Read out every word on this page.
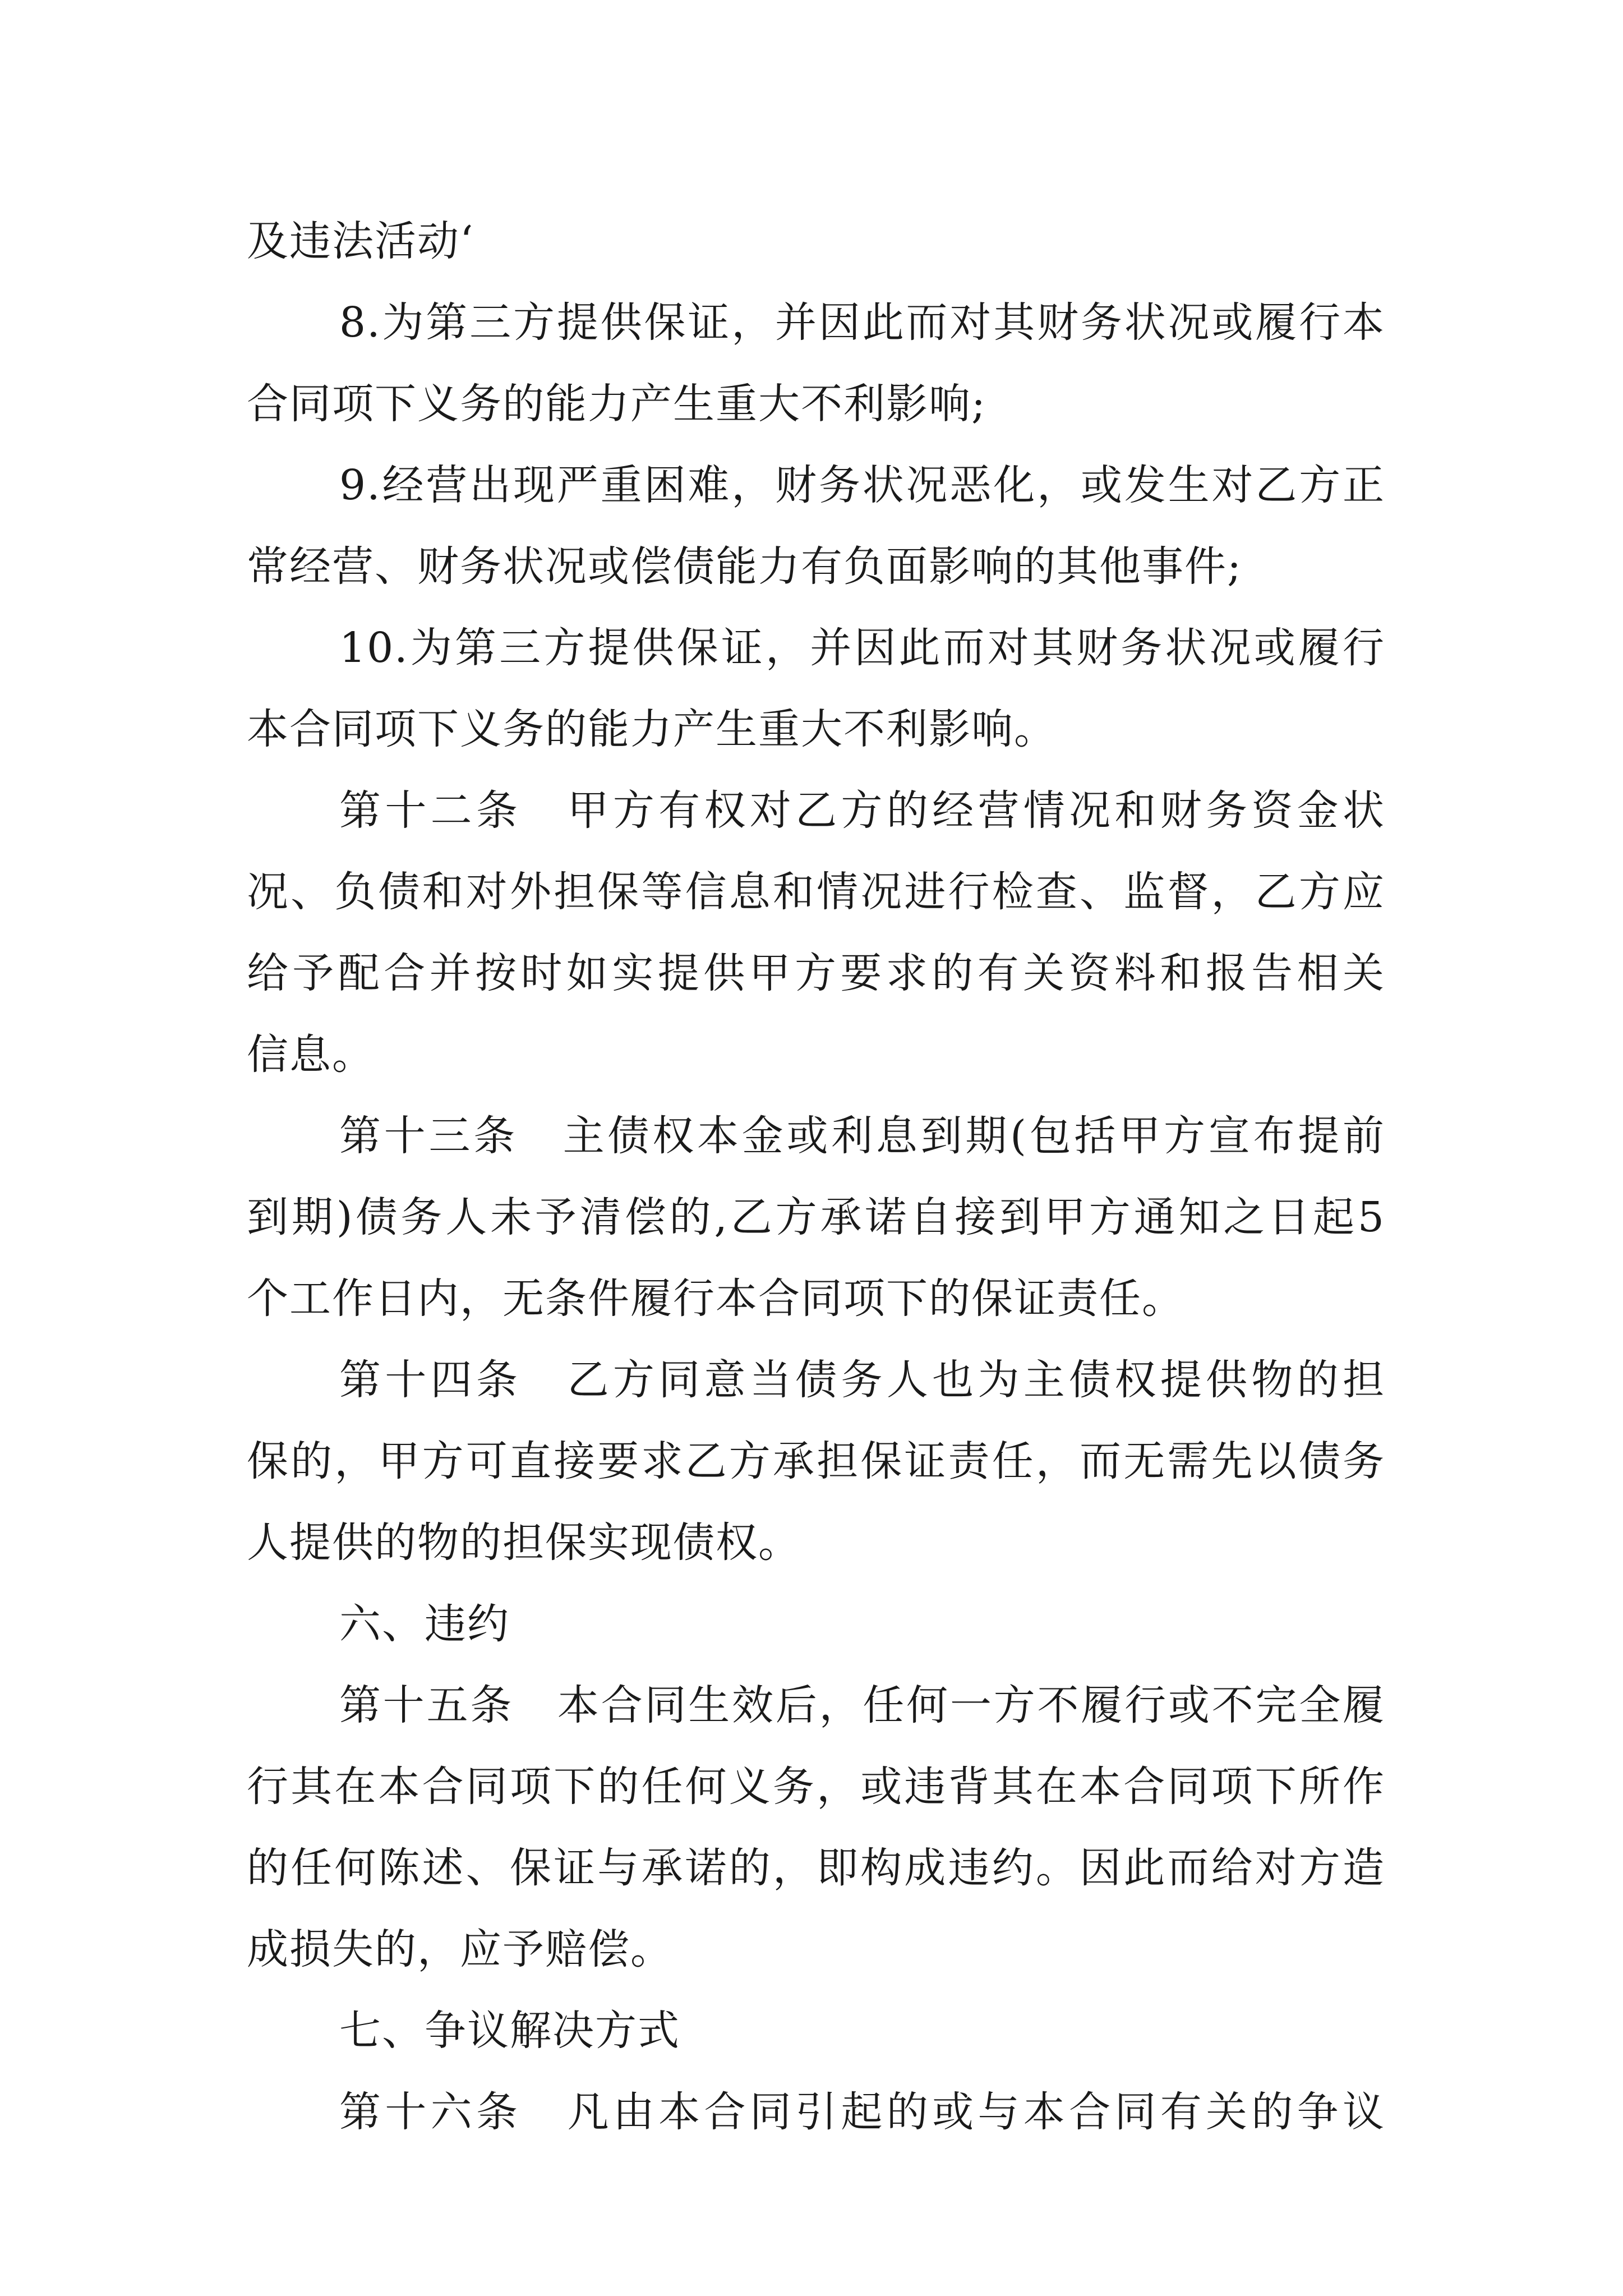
及违法活动‘
8.为第三方提供保证，并因此而对其财务状况或履行本
合同项下义务的能力产生重大不利影响;
9.经营出现严重困难，财务状况恶化，或发生对乙方正
常经营、财务状况或偿债能力有负面影响的其他事件;
10.为第三方提供保证，并因此而对其财务状况或履行
本合同项下义务的能力产生重大不利影响。
第十二条　甲方有权对乙方的经营情况和财务资金状
况、负债和对外担保等信息和情况进行检查、监督，乙方应
给予配合并按时如实提供甲方要求的有关资料和报告相关
信息。
第十三条　主债权本金或利息到期(包括甲方宣布提前
到期)债务人未予清偿的,乙方承诺自接到甲方通知之日起5
个工作日内，无条件履行本合同项下的保证责任。
第十四条　乙方同意当债务人也为主债权提供物的担
保的，甲方可直接要求乙方承担保证责任，而无需先以债务
人提供的物的担保实现债权。
六、违约
第十五条　本合同生效后，任何一方不履行或不完全履
行其在本合同项下的任何义务，或违背其在本合同项下所作
的任何陈述、保证与承诺的，即构成违约。因此而给对方造
成损失的，应予赔偿。
七、争议解决方式
第十六条　凡由本合同引起的或与本合同有关的争议
